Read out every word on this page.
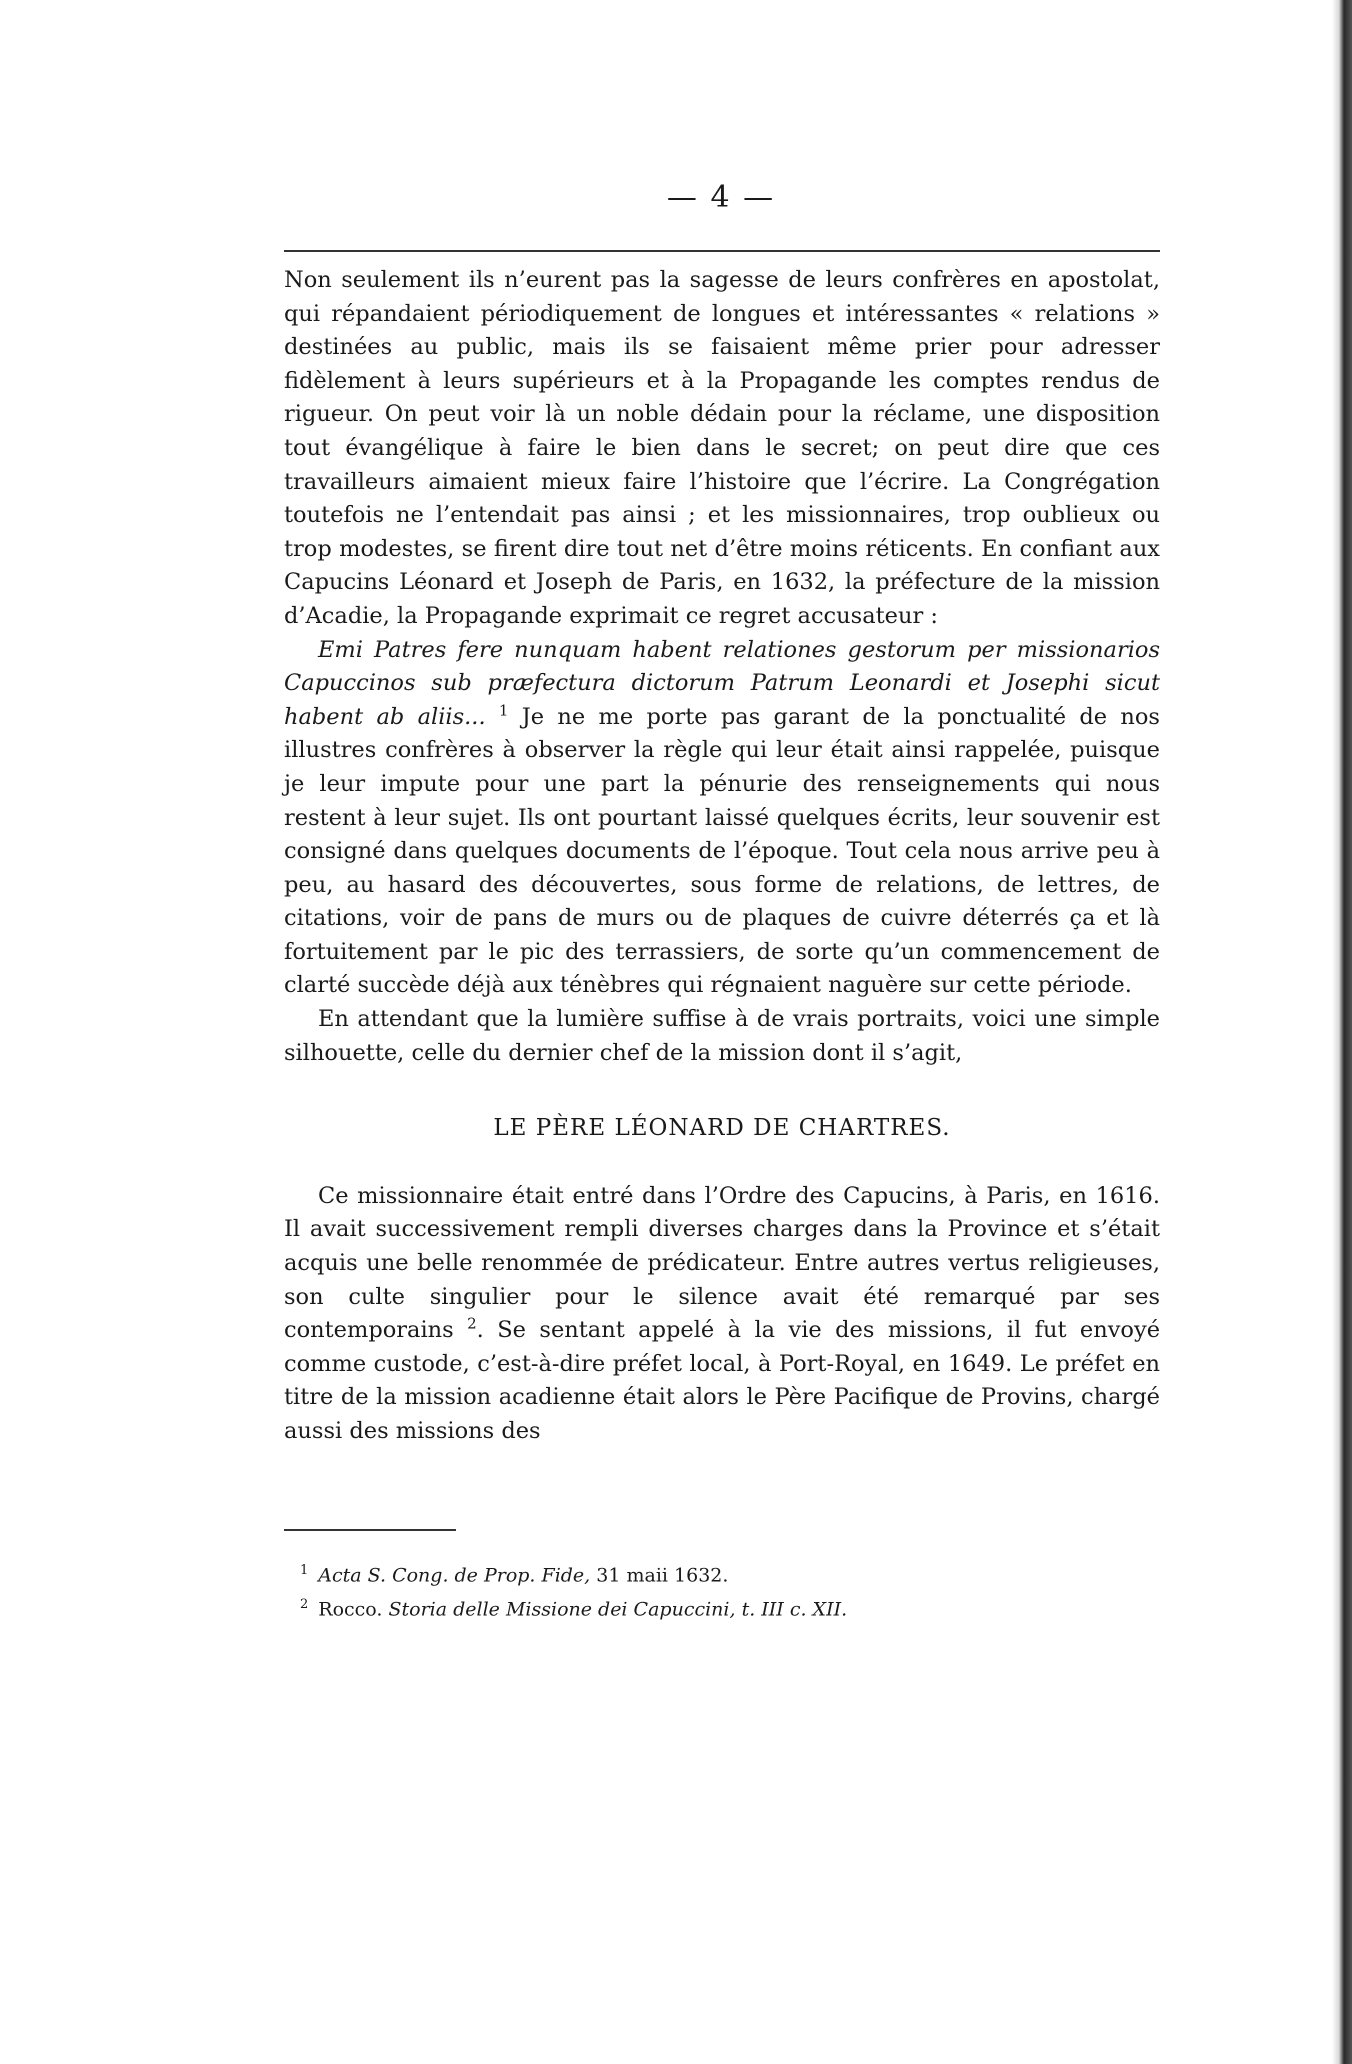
— 4 —

Non seulement ils n’eurent pas la sagesse de leurs confrères en apostolat, qui répandaient périodiquement de longues et intéressantes « relations » destinées au public, mais ils se faisaient même prier pour adresser fidèlement à leurs supérieurs et à la Propagande les comptes rendus de rigueur. On peut voir là un noble dédain pour la réclame, une disposition tout évangélique à faire le bien dans le secret; on peut dire que ces travailleurs aimaient mieux faire l’histoire que l’écrire. La Congrégation toutefois ne l’entendait pas ainsi ; et les missionnaires, trop oublieux ou trop modestes, se firent dire tout net d’être moins réticents. En confiant aux Capucins Léonard et Joseph de Paris, en 1632, la préfecture de la mission d’Acadie, la Propagande exprimait ce regret accusateur :

Emi Patres fere nunquam habent relationes gestorum per missionarios Capuccinos sub præfectura dictorum Patrum Leonardi et Josephi sicut habent ab aliis... $^1$ Je ne me porte pas garant de la ponctualité de nos illustres confrères à observer la règle qui leur était ainsi rappelée, puisque je leur impute pour une part la pénurie des renseignements qui nous restent à leur sujet. Ils ont pourtant laissé quelques écrits, leur souvenir est consigné dans quelques documents de l’époque. Tout cela nous arrive peu à peu, au hasard des découvertes, sous forme de relations, de lettres, de citations, voir de pans de murs ou de plaques de cuivre déterrés ça et là fortuitement par le pic des terrassiers, de sorte qu’un commencement de clarté succède déjà aux ténèbres qui régnaient naguère sur cette période.

En attendant que la lumière suffise à de vrais portraits, voici une simple silhouette, celle du dernier chef de la mission dont il s’agit,

LE PÈRE LÉONARD DE CHARTRES.

Ce missionnaire était entré dans l’Ordre des Capucins, à Paris, en 1616. Il avait successivement rempli diverses charges dans la Province et s’était acquis une belle renommée de prédicateur. Entre autres vertus religieuses, son culte singulier pour le silence avait été remarqué par ses contemporains $^2$. Se sentant appelé à la vie des missions, il fut envoyé comme custode, c’est-à-dire préfet local, à Port-Royal, en 1649. Le préfet en titre de la mission acadienne était alors le Père Pacifique de Provins, chargé aussi des missions des

$^1$ Acta S. Cong. de Prop. Fide, 31 maii 1632.

$^2$ Rocco. Storia delle Missione dei Capuccini, t. III c. XII.
